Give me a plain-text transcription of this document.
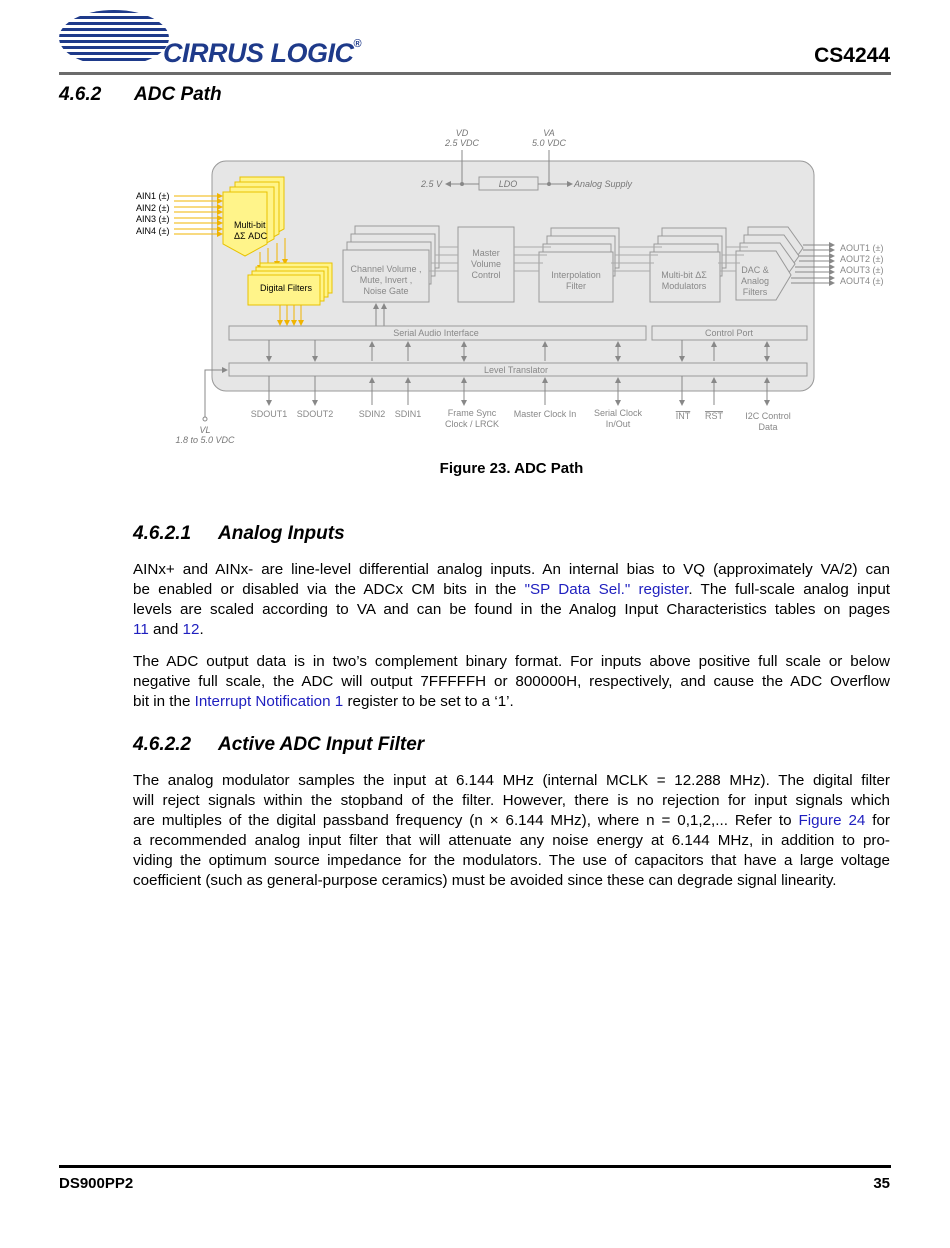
CIRRUS LOGIC®	CS4244
4.6.2 ADC Path
VD
2.5 VDC
VA
5.0 VDC
LDO
2.5 V	Analog Supply
AIN1 (±)
AIN2 (±)
AIN3 (±)
AIN4 (±)
Multi-bit
ΔΣ ADC
Digital Filters
Channel Volume ,
Mute, Invert ,
Noise Gate
Master
Volume
Control	Interpolation
Filter
Multi-bit ΔΣ
Modulators
DAC &
Analog
Filters
AOUT1 (±)
AOUT2 (±)
AOUT3 (±)
AOUT4 (±)
Serial Audio Interface	Control Port
Level Translator
VL
1.8 to 5.0 VDC
SDOUT1 SDOUT2	SDIN2 SDIN1	Frame Sync
Clock / LRCK
Master Clock In Serial Clock
In/Out
INT RST I2C Control
Data
Figure 23. ADC Path
4.6.2.1 Analog Inputs
AINx+ and AINx- are line-level differential analog inputs. An internal bias to VQ (approximately VA/2) can
be enabled or disabled via the ADCx CM bits in the "SP Data Sel." register. The full-scale analog input
levels are scaled according to VA and can be found in the Analog Input Characteristics tables on pages
11 and 12.
The ADC output data is in two’s complement binary format. For inputs above positive full scale or below
negative full scale, the ADC will output 7FFFFFH or 800000H, respectively, and cause the ADC Overflow
bit in the Interrupt Notification 1 register to be set to a ‘1’.
4.6.2.2 Active ADC Input Filter
The analog modulator samples the input at 6.144 MHz (internal MCLK = 12.288 MHz). The digital filter
will reject signals within the stopband of the filter. However, there is no rejection for input signals which
are multiples of the digital passband frequency (n × 6.144 MHz), where n = 0,1,2,... Refer to Figure 24 for
a recommended analog input filter that will attenuate any noise energy at 6.144 MHz, in addition to pro-
viding the optimum source impedance for the modulators. The use of capacitors that have a large voltage
coefficient (such as general-purpose ceramics) must be avoided since these can degrade signal linearity.
DS900PP2	35
